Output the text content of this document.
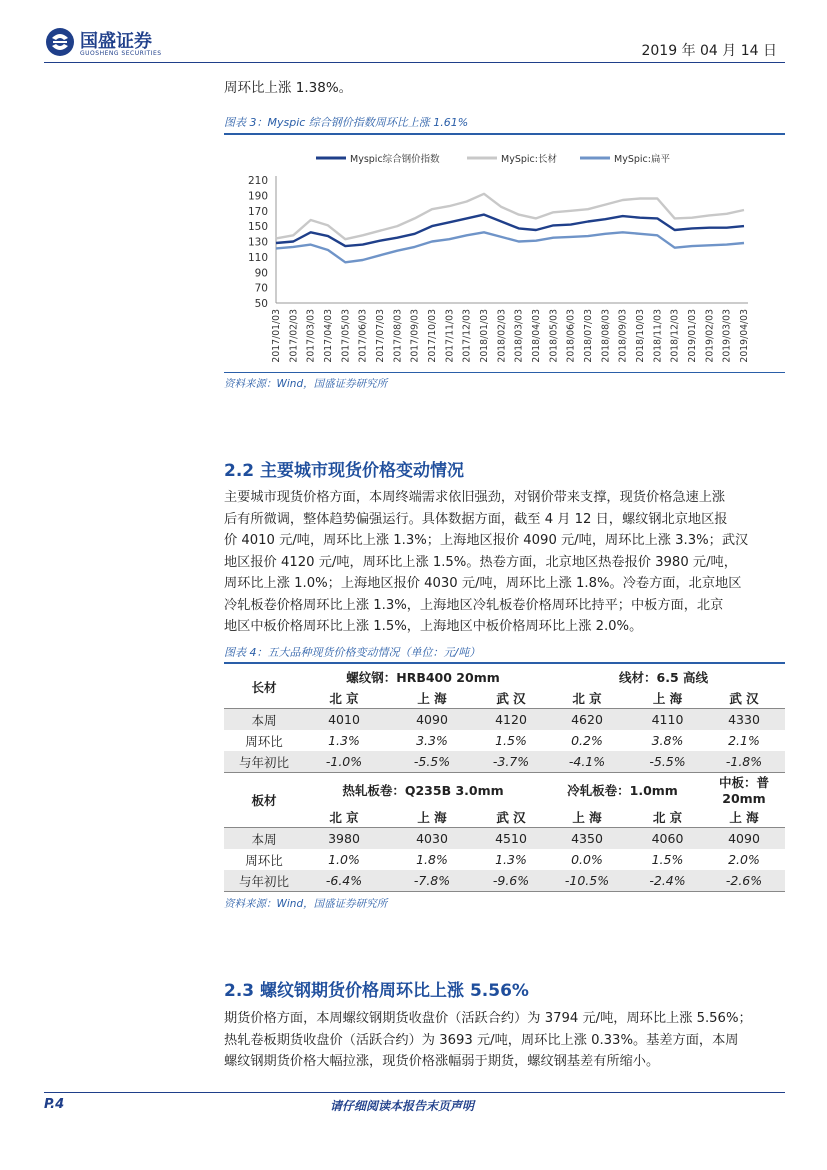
国盛证券
GUOSHENG SECURITIES	2019 年 04 月 14 日
周环比上涨 1.38%。
图表 3：Myspic 综合钢价指数周环比上涨 1.61%
Myspic综合钢价指数	MySpic:长材	MySpic:扁平
50
70
90
110
130
150
170
190
210
2017/01/03 2017/02/03 2017/03/03 2017/04/03 2017/05/03 2017/06/03 2017/07/03 2017/08/03 2017/09/03 2017/10/03 2017/11/03 2017/12/03 2018/01/03 2018/02/03 2018/03/03 2018/04/03 2018/05/03 2018/06/03 2018/07/03 2018/08/03 2018/09/03 2018/10/03 2018/11/03 2018/12/03 2019/01/03 2019/02/03 2019/03/03 2019/04/03
资料来源：Wind，国盛证券研究所
2.2 主要城市现货价格变动情况

主要城市现货价格方面，本周终端需求依旧强劲，对钢价带来支撑，现货价格急速上涨

后有所微调，整体趋势偏强运行。具体数据方面，截至 4 月 12 日，螺纹钢北京地区报

价 4010 元/吨，周环比上涨 1.3%；上海地区报价 4090 元/吨，周环比上涨 3.3%；武汉

地区报价 4120 元/吨，周环比上涨 1.5%。热卷方面，北京地区热卷报价 3980 元/吨，

周环比上涨 1.0%；上海地区报价 4030 元/吨，周环比上涨 1.8%。冷卷方面，北京地区

冷轧板卷价格周环比上涨 1.3%，上海地区冷轧板卷价格周环比持平；中板方面，北京

地区中板价格周环比上涨 1.5%，上海地区中板价格周环比上涨 2.0%。

图表 4：五大品种现货价格变动情况（单位：元/吨）
长材	螺纹钢：HRB400 20mm			线材：6.5 高线		
	北 京	上 海	武 汉	北 京	上 海	武 汉
本周	4010	4090	4120	4620	4110	4330
周环比	1.3%	3.3%	1.5%	0.2%	3.8%	2.1%
与年初比	-1.0%	-5.5%	-3.7%	-4.1%	-5.5%	-1.8%
板材	热轧板卷：Q235B 3.0mm			冷轧板卷：1.0mm		中板：普 20mm
	北 京	上 海	武 汉	上 海	北 京	上 海
本周	3980	4030	4510	4350	4060	4090
周环比	1.0%	1.8%	1.3%	0.0%	1.5%	2.0%
与年初比	-6.4%	-7.8%	-9.6%	-10.5%	-2.4%	-2.6%
资料来源：Wind，国盛证券研究所
2.3 螺纹钢期货价格周环比上涨 5.56%

期货价格方面，本周螺纹钢期货收盘价（活跃合约）为 3794 元/吨，周环比上涨 5.56%；

热轧卷板期货收盘价（活跃合约）为 3693 元/吨，周环比上涨 0.33%。基差方面，本周

螺纹钢期货价格大幅拉涨，现货价格涨幅弱于期货，螺纹钢基差有所缩小。

P.4	请仔细阅读本报告末页声明
